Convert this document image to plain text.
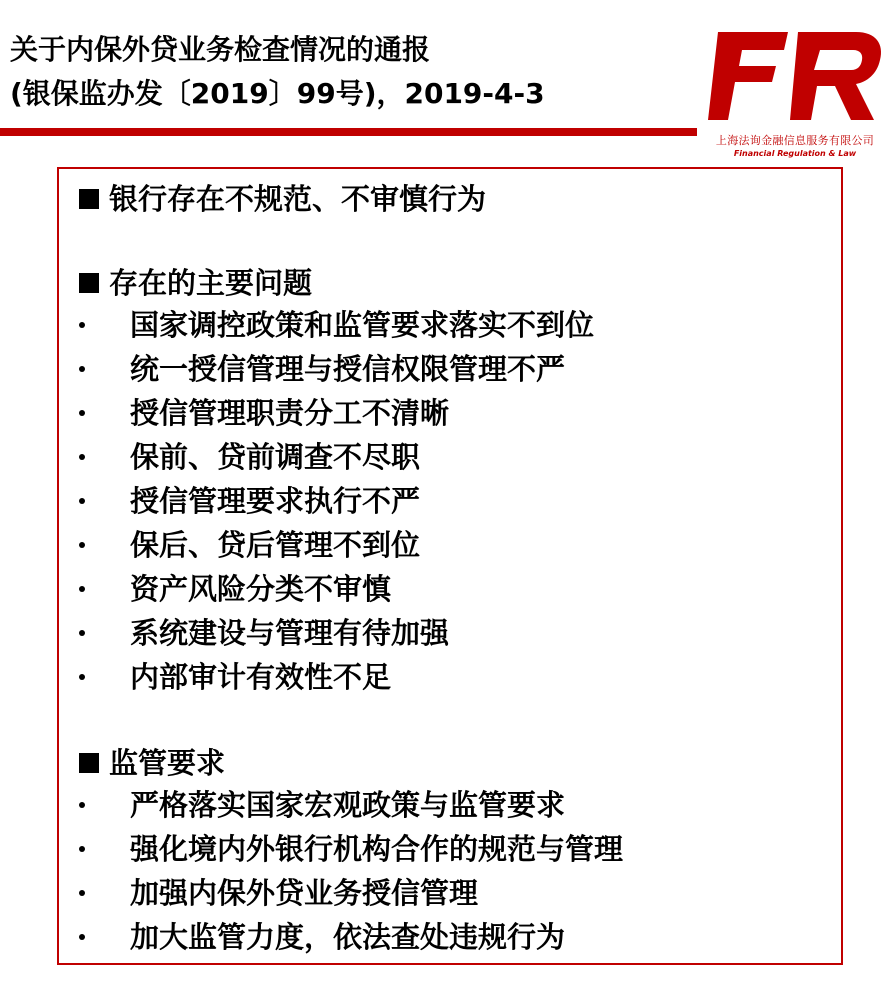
关于内保外贷业务检查情况的通报
(银保监办发〔2019〕99号)，2019-4-3
上海法询金融信息服务有限公司
Financial Regulation & Law
银行存在不规范、不审慎行为
存在的主要问题
国家调控政策和监管要求落实不到位
统一授信管理与授信权限管理不严
授信管理职责分工不清晰
保前、贷前调查不尽职
授信管理要求执行不严
保后、贷后管理不到位
资产风险分类不审慎
系统建设与管理有待加强
内部审计有效性不足
监管要求
严格落实国家宏观政策与监管要求
强化境内外银行机构合作的规范与管理
加强内保外贷业务授信管理
加大监管力度，依法查处违规行为
